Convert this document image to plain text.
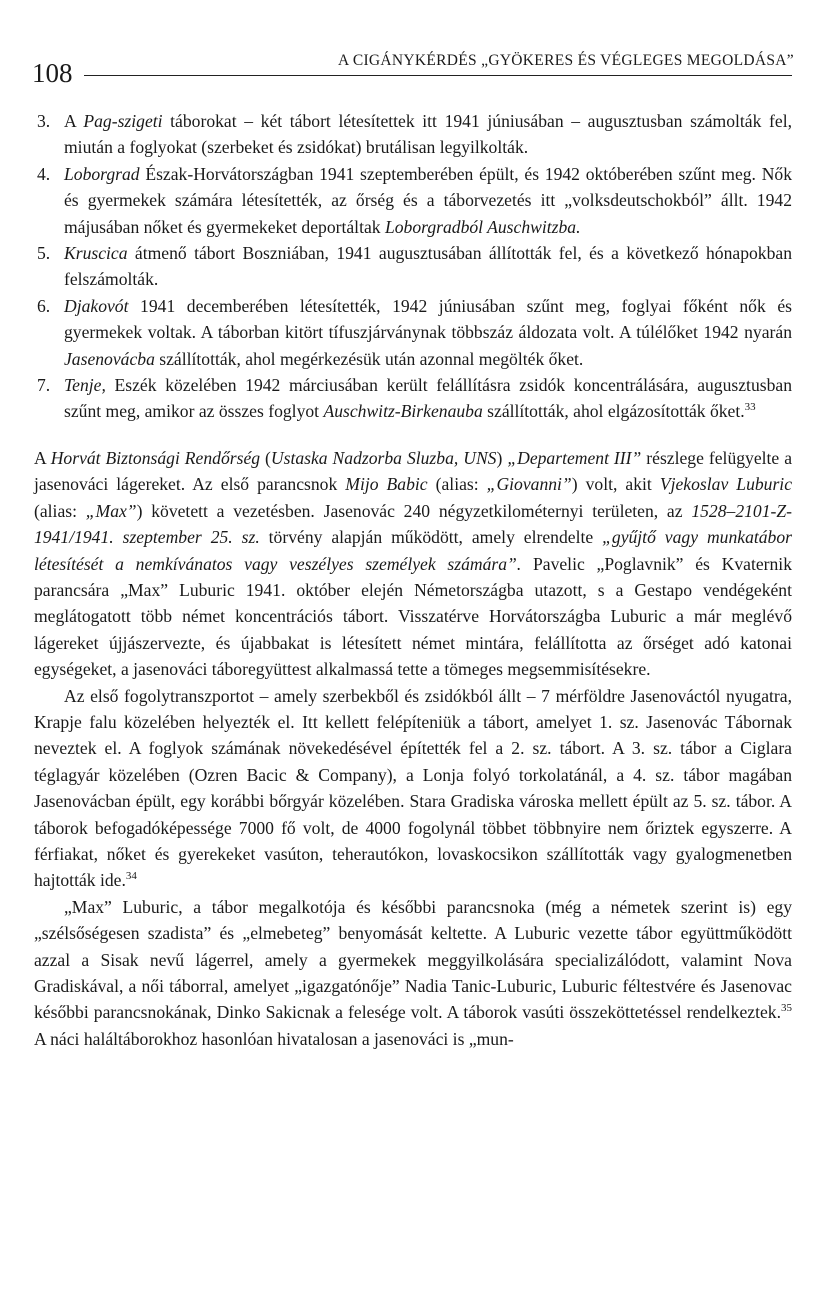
108	A CIGÁNYKÉRDÉS „GYÖKERES ÉS VÉGLEGES MEGOLDÁSA”
3. A Pag-szigeti táborokat – két tábort létesítettek itt 1941 júniusában – augusztusban számolták fel, miután a foglyokat (szerbeket és zsidókat) brutálisan legyilkolták.
4. Loborgrad Észak-Horvátországban 1941 szeptemberében épült, és 1942 októberében szűnt meg. Nők és gyermekek számára létesítették, az őrség és a táborvezetés itt „volksdeutschokból” állt. 1942 májusában nőket és gyermekeket deportáltak Loborgradból Auschwitzba.
5. Kruscica átmenő tábort Boszniában, 1941 augusztusában állították fel, és a következő hónapokban felszámolták.
6. Djakovót 1941 decemberében létesítették, 1942 júniusában szűnt meg, foglyai főként nők és gyermekek voltak. A táborban kitört tífuszjárványnak többszáz áldozata volt. A túlélőket 1942 nyarán Jasenovácba szállították, ahol megérkezésük után azonnal megölték őket.
7. Tenje, Eszék közelében 1942 márciusában került felállításra zsidók koncentrálására, augusztusban szűnt meg, amikor az összes foglyot Auschwitz-Birkenauba szállították, ahol elgázosították őket.$^{33}$

A Horvát Biztonsági Rendőrség (Ustaska Nadzorba Sluzba, UNS) „Departement III” részlege felügyelte a jasenováci lágereket. Az első parancsnok Mijo Babic (alias: „Giovanni”) volt, akit Vjekoslav Luburic (alias: „Max”) követett a vezetésben. Jasenovác 240 négyzetkilométernyi területen, az 1528–2101-Z-1941/1941. szeptember 25. sz. törvény alapján működött, amely elrendelte „gyűjtő vagy munkatábor létesítését a nemkívánatos vagy veszélyes személyek számára”. Pavelic „Poglavnik” és Kvaternik parancsára „Max” Luburic 1941. október elején Németországba utazott, s a Gestapo vendégeként meglátogatott több német koncentrációs tábort. Visszatérve Horvátországba Luburic a már meglévő lágereket újjászervezte, és újabbakat is létesített német mintára, felállította az őrséget adó katonai egységeket, a jasenováci táboregyüttest alkalmassá tette a tömeges megsemmisítésekre.

Az első fogolytranszportot – amely szerbekből és zsidókból állt – 7 mérföldre Jasenováctól nyugatra, Krapje falu közelében helyezték el. Itt kellett felépíteniük a tábort, amelyet 1. sz. Jasenovác Tábornak neveztek el. A foglyok számának növekedésével építették fel a 2. sz. tábort. A 3. sz. tábor a Ciglara téglagyár közelében (Ozren Bacic & Company), a Lonja folyó torkolatánál, a 4. sz. tábor magában Jasenovácban épült, egy korábbi bőrgyár közelében. Stara Gradiska városka mellett épült az 5. sz. tábor. A táborok befogadóképessége 7000 fő volt, de 4000 fogolynál többet többnyire nem őriztek egyszerre. A férfiakat, nőket és gyerekeket vasúton, teherautókon, lovaskocsikon szállították vagy gyalogmenetben hajtották ide.$^{34}$

„Max” Luburic, a tábor megalkotója és későbbi parancsnoka (még a németek szerint is) egy „szélsőségesen szadista” és „elmebeteg” benyomását keltette. A Luburic vezette tábor együttműködött azzal a Sisak nevű lágerrel, amely a gyermekek meggyilkolására specializálódott, valamint Nova Gradiskával, a női táborral, amelyet „igazgatónője” Nadia Tanic-Luburic, Luburic féltestvére és Jasenovac későbbi parancsnokának, Dinko Sakicnak a felesége volt. A táborok vasúti összeköttetéssel rendelkeztek.$^{35}$ A náci haláltáborokhoz hasonlóan hivatalosan a jasenováci is „mun-
